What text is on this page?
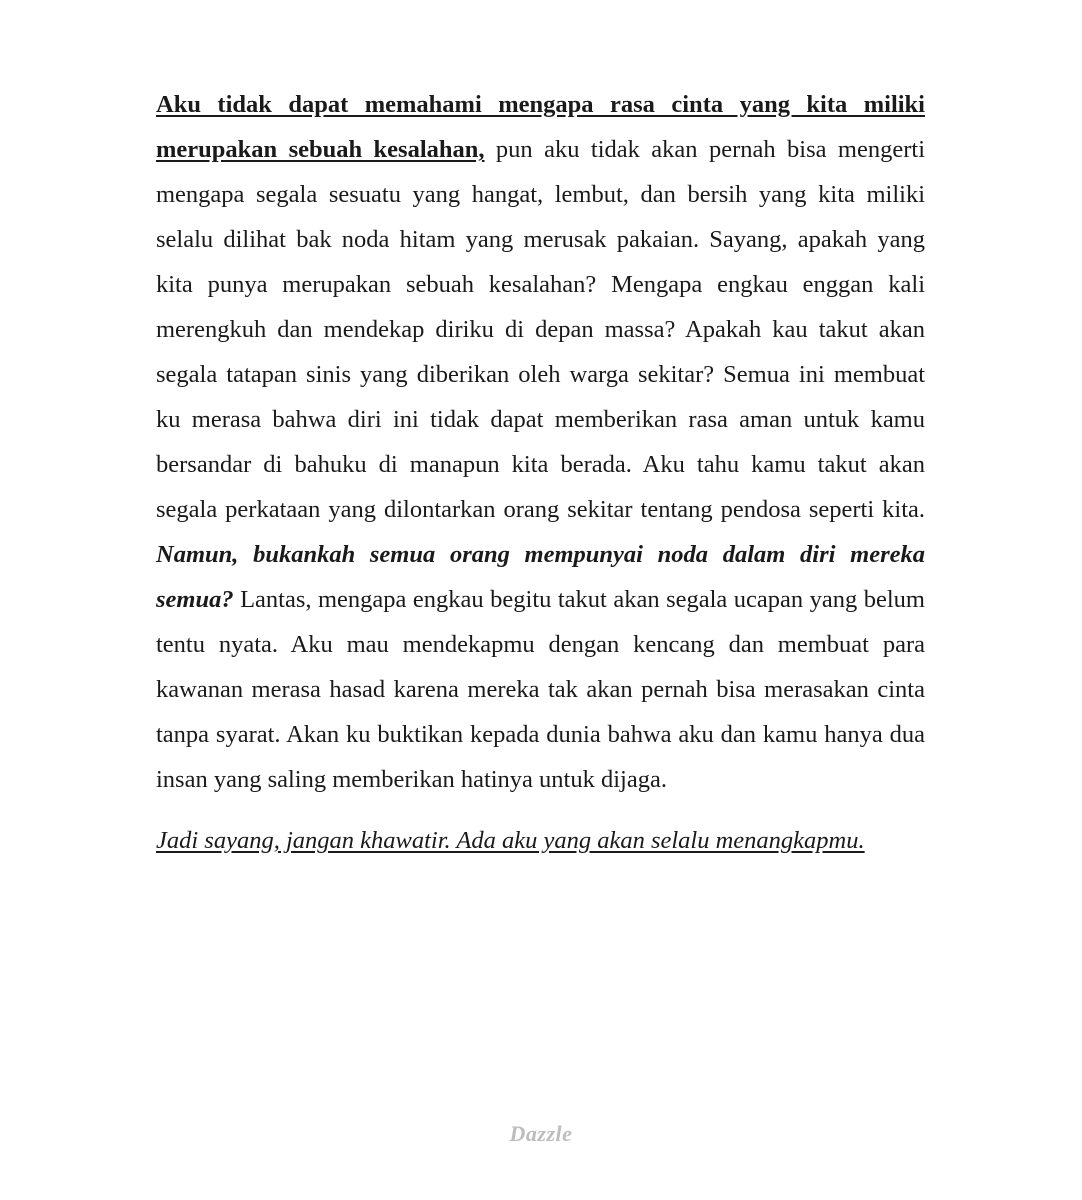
Aku tidak dapat memahami mengapa rasa cinta yang kita miliki merupakan sebuah kesalahan, pun aku tidak akan pernah bisa mengerti mengapa segala sesuatu yang hangat, lembut, dan bersih yang kita miliki selalu dilihat bak noda hitam yang merusak pakaian. Sayang, apakah yang kita punya merupakan sebuah kesalahan? Mengapa engkau enggan kali merengkuh dan mendekap diriku di depan massa? Apakah kau takut akan segala tatapan sinis yang diberikan oleh warga sekitar? Semua ini membuat ku merasa bahwa diri ini tidak dapat memberikan rasa aman untuk kamu bersandar di bahuku di manapun kita berada. Aku tahu kamu takut akan segala perkataan yang dilontarkan orang sekitar tentang pendosa seperti kita. Namun, bukankah semua orang mempunyai noda dalam diri mereka semua? Lantas, mengapa engkau begitu takut akan segala ucapan yang belum tentu nyata. Aku mau mendekapmu dengan kencang dan membuat para kawanan merasa hasad karena mereka tak akan pernah bisa merasakan cinta tanpa syarat. Akan ku buktikan kepada dunia bahwa aku dan kamu hanya dua insan yang saling memberikan hatinya untuk dijaga.

Jadi sayang, jangan khawatir. Ada aku yang akan selalu menangkapmu.

Dazzle
